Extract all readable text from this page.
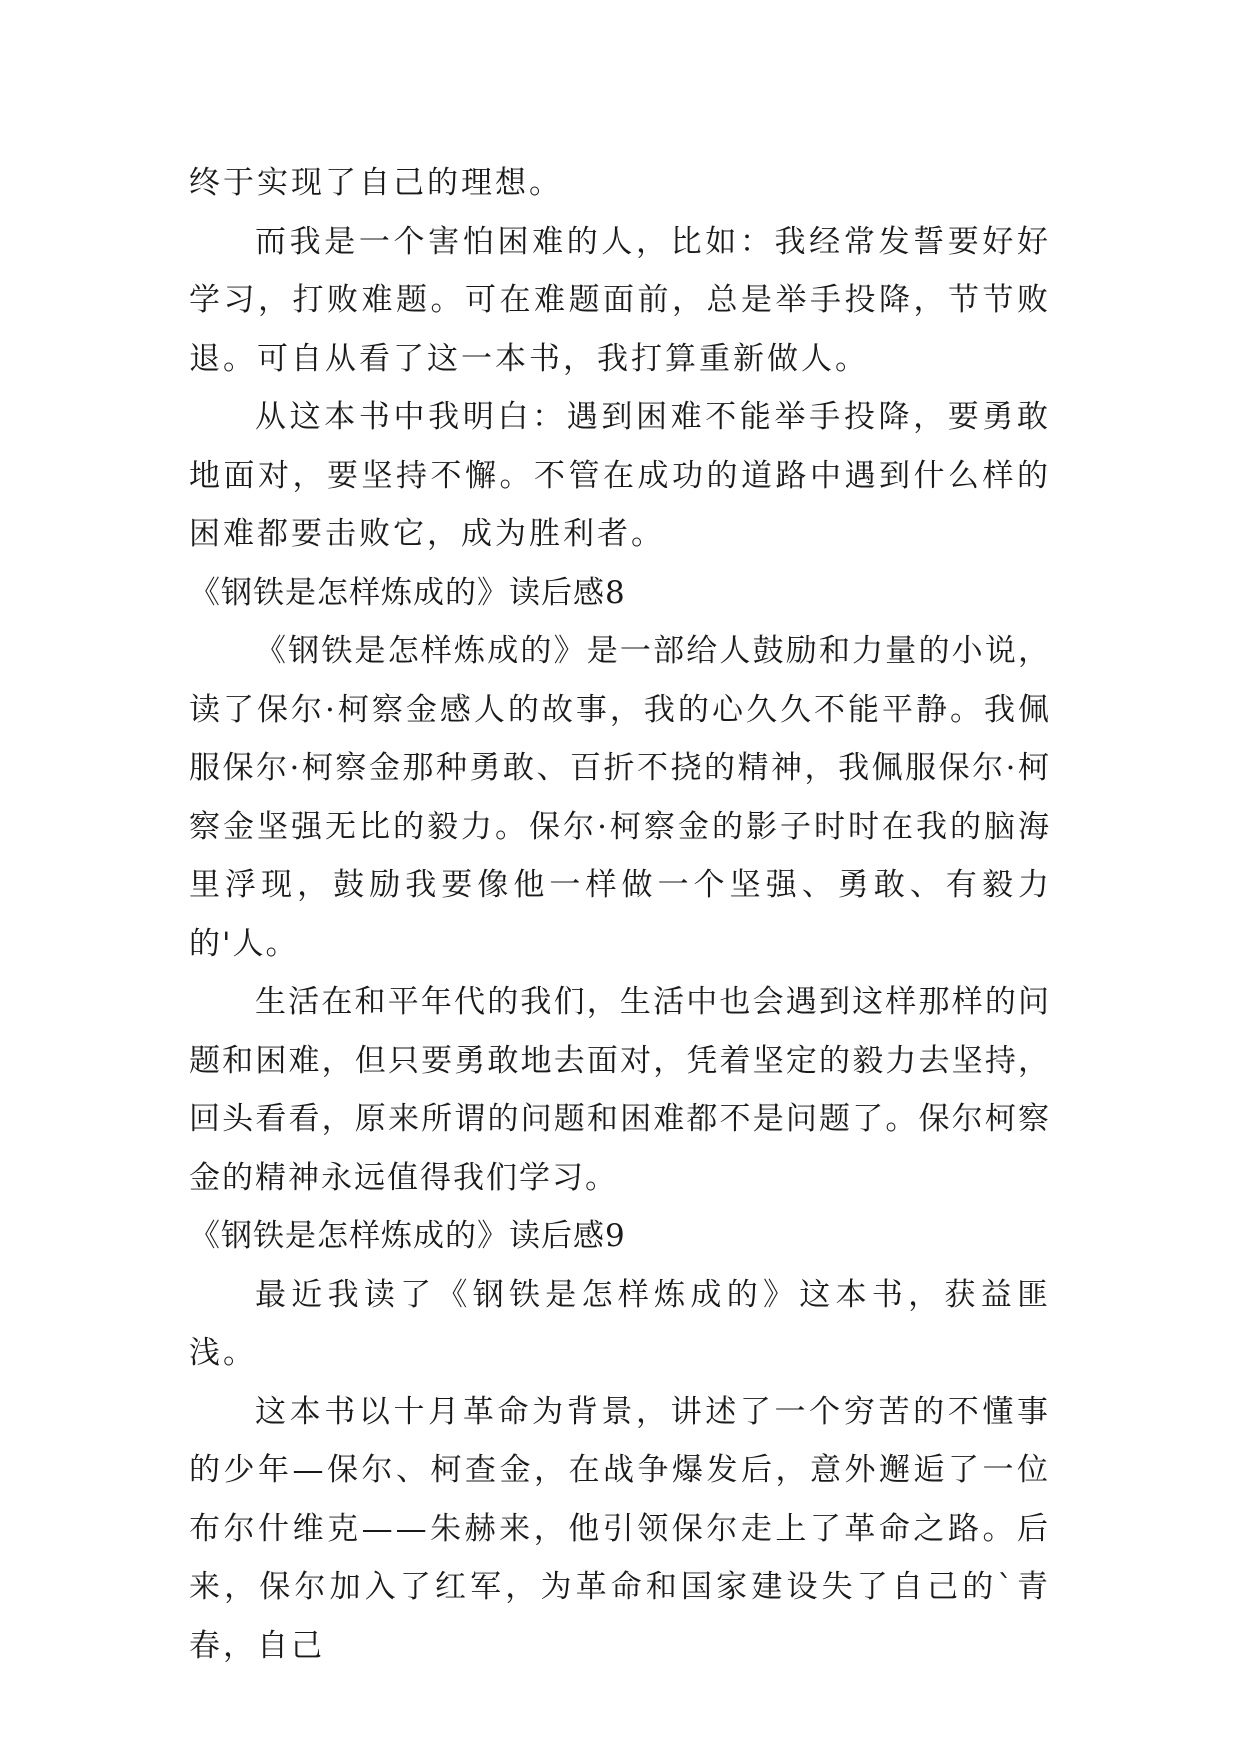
终于实现了自己的理想。

而我是一个害怕困难的人，比如：我经常发誓要好好学习，打败难题。可在难题面前，总是举手投降，节节败退。可自从看了这一本书，我打算重新做人。

从这本书中我明白：遇到困难不能举手投降，要勇敢地面对，要坚持不懈。不管在成功的道路中遇到什么样的困难都要击败它，成为胜利者。

《钢铁是怎样炼成的》读后感8

《钢铁是怎样炼成的》是一部给人鼓励和力量的小说，读了保尔·柯察金感人的故事，我的心久久不能平静。我佩服保尔·柯察金那种勇敢、百折不挠的精神，我佩服保尔·柯察金坚强无比的毅力。保尔·柯察金的影子时时在我的脑海里浮现，鼓励我要像他一样做一个坚强、勇敢、有毅力的'人。

生活在和平年代的我们，生活中也会遇到这样那样的问题和困难，但只要勇敢地去面对，凭着坚定的毅力去坚持，回头看看，原来所谓的问题和困难都不是问题了。保尔柯察金的精神永远值得我们学习。

《钢铁是怎样炼成的》读后感9

最近我读了《钢铁是怎样炼成的》这本书，获益匪浅。

这本书以十月革命为背景，讲述了一个穷苦的不懂事的少年—保尔、柯查金，在战争爆发后，意外邂逅了一位布尔什维克——朱赫来，他引领保尔走上了革命之路。后来，保尔加入了红军，为革命和国家建设失了自己的`青春，自己
